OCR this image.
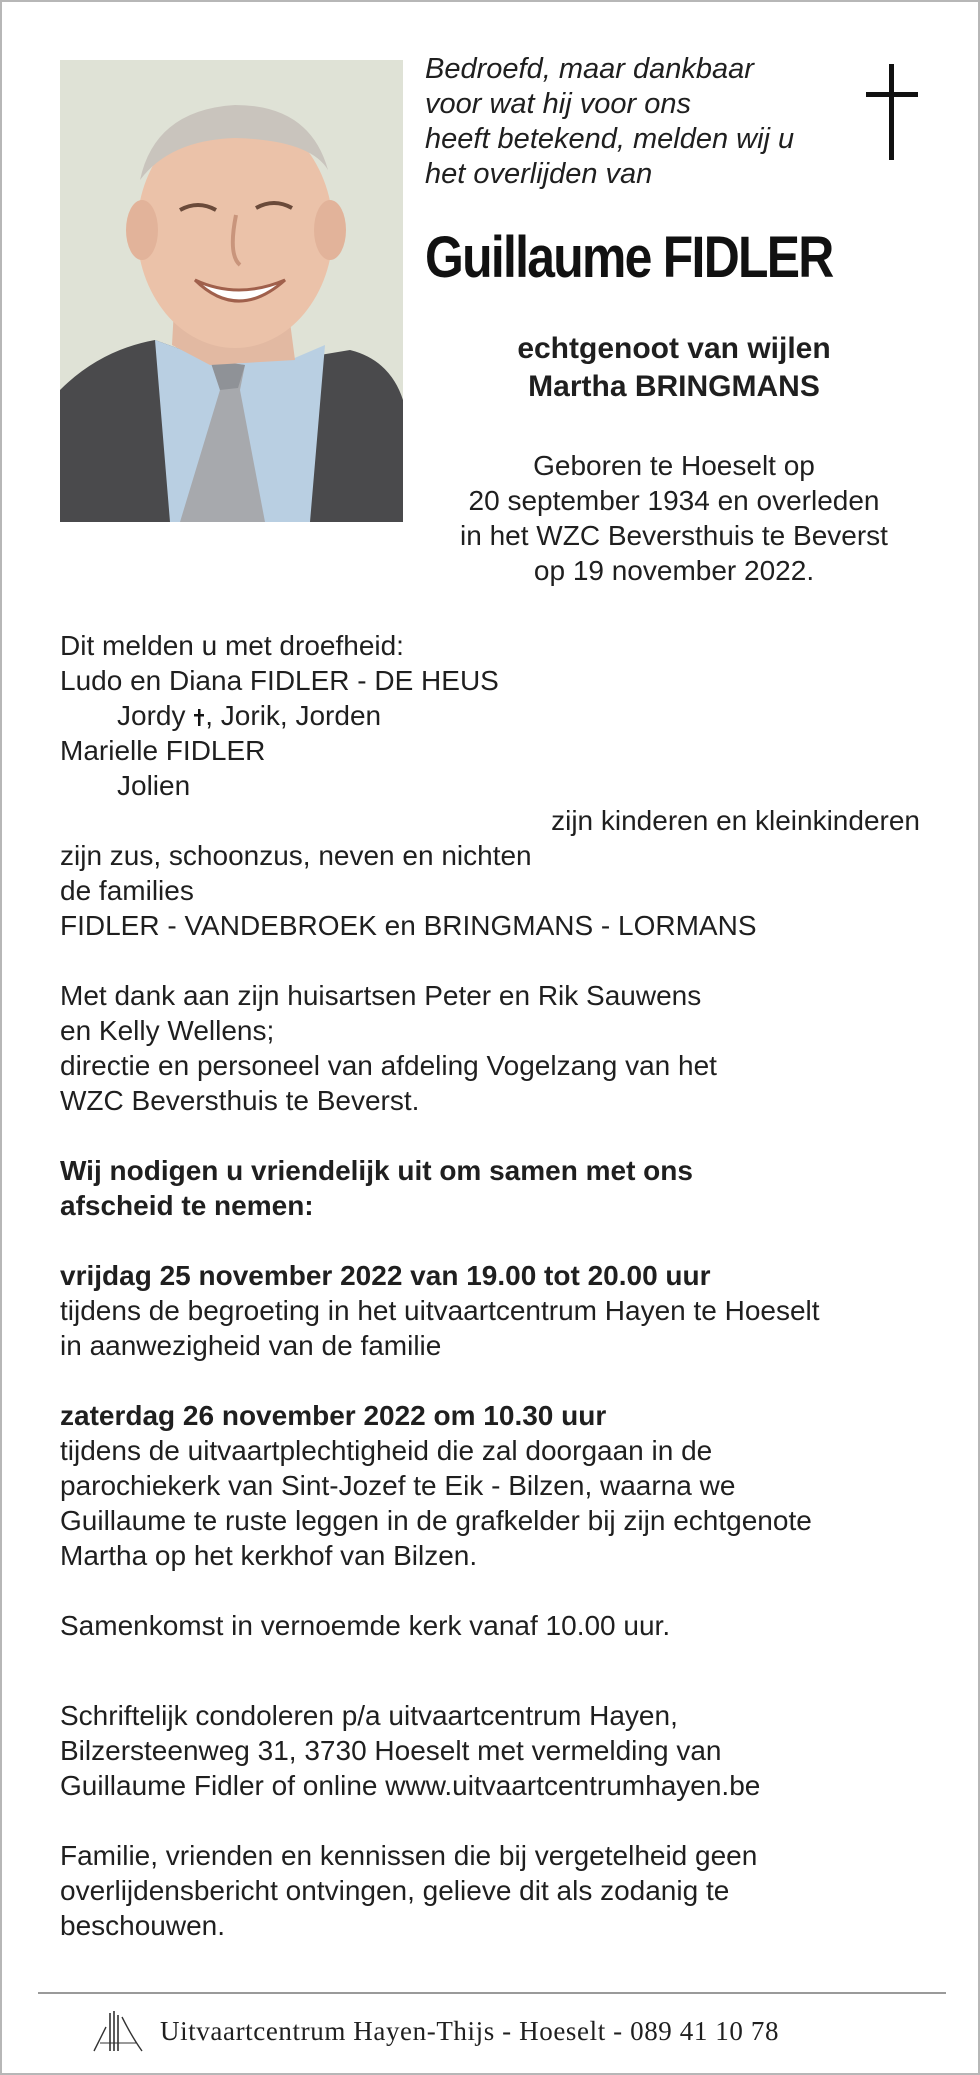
Bedroefd, maar dankbaar
voor wat hij voor ons
heeft betekend, melden wij u
het overlijden van
Guillaume FIDLER
echtgenoot van wijlen
Martha BRINGMANS
Geboren te Hoeselt op
20 september 1934 en overleden
in het WZC Beversthuis te Beverst
op 19 november 2022.
Dit melden u met droefheid:
Ludo en Diana FIDLER - DE HEUS
Jordy , Jorik, Jorden
Marielle FIDLER
Jolien
zijn kinderen en kleinkinderen
zijn zus, schoonzus, neven en nichten
de families
FIDLER - VANDEBROEK en BRINGMANS - LORMANS
Met dank aan zijn huisartsen Peter en Rik Sauwens
en Kelly Wellens;
directie en personeel van afdeling Vogelzang van het
WZC Beversthuis te Beverst.
Wij nodigen u vriendelijk uit om samen met ons
afscheid te nemen:
vrijdag 25 november 2022 van 19.00 tot 20.00 uur
tijdens de begroeting in het uitvaartcentrum Hayen te Hoeselt
in aanwezigheid van de familie
zaterdag 26 november 2022 om 10.30 uur
tijdens de uitvaartplechtigheid die zal doorgaan in de
parochiekerk van Sint-Jozef te Eik - Bilzen, waarna we
Guillaume te ruste leggen in de grafkelder bij zijn echtgenote
Martha op het kerkhof van Bilzen.
Samenkomst in vernoemde kerk vanaf 10.00 uur.
Schriftelijk condoleren p/a uitvaartcentrum Hayen,
Bilzersteenweg 31, 3730 Hoeselt met vermelding van
Guillaume Fidler of online www.uitvaartcentrumhayen.be
Familie, vrienden en kennissen die bij vergetelheid geen
overlijdensbericht ontvingen, gelieve dit als zodanig te
beschouwen.
Uitvaartcentrum Hayen-Thijs - Hoeselt - 089 41 10 78
